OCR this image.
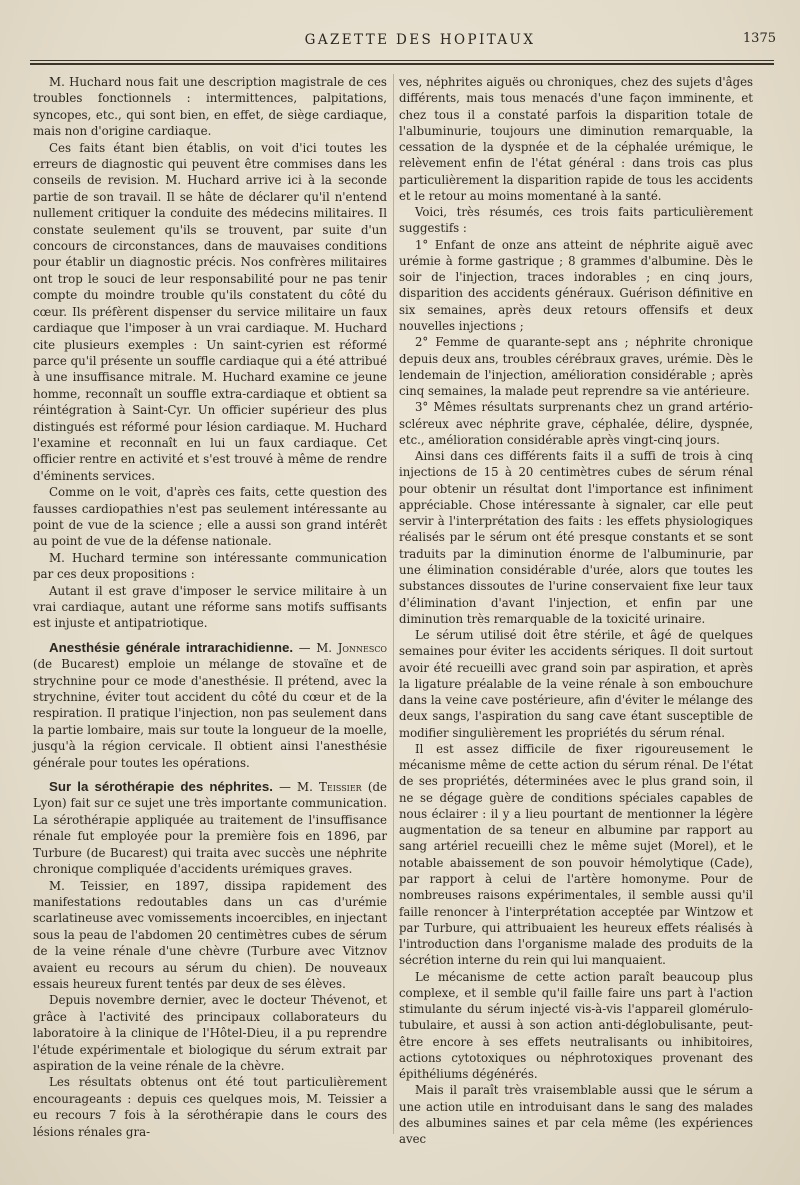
GAZETTE DES HOPITAUX	1375

M. Huchard nous fait une description magistrale de ces troubles fonctionnels : intermittences, palpitations, syncopes, etc., qui sont bien, en effet, de siège cardiaque, mais non d'origine cardiaque.

Ces faits étant bien établis, on voit d'ici toutes les erreurs de diagnostic qui peuvent être commises dans les conseils de revision. M. Huchard arrive ici à la seconde partie de son travail. Il se hâte de déclarer qu'il n'entend nullement critiquer la conduite des médecins militaires. Il constate seulement qu'ils se trouvent, par suite d'un concours de circonstances, dans de mauvaises conditions pour établir un diagnostic précis. Nos confrères militaires ont trop le souci de leur responsabilité pour ne pas tenir compte du moindre trouble qu'ils constatent du côté du cœur. Ils préfèrent dispenser du service militaire un faux cardiaque que l'imposer à un vrai cardiaque. M. Huchard cite plusieurs exemples : Un saint-cyrien est réformé parce qu'il présente un souffle cardiaque qui a été attribué à une insuffisance mitrale. M. Huchard examine ce jeune homme, reconnaît un souffle extra-cardiaque et obtient sa réintégration à Saint-Cyr. Un officier supérieur des plus distingués est réformé pour lésion cardiaque. M. Huchard l'examine et reconnaît en lui un faux cardiaque. Cet officier rentre en activité et s'est trouvé à même de rendre d'éminents services.

Comme on le voit, d'après ces faits, cette question des fausses cardiopathies n'est pas seulement intéressante au point de vue de la science ; elle a aussi son grand intérêt au point de vue de la défense nationale.

M. Huchard termine son intéressante communication par ces deux propositions :

Autant il est grave d'imposer le service militaire à un vrai cardiaque, autant une réforme sans motifs suffisants est injuste et antipatriotique.

Anesthésie générale intrarachidienne. — M. Jonnesco (de Bucarest) emploie un mélange de stovaïne et de strychnine pour ce mode d'anesthésie. Il prétend, avec la strychnine, éviter tout accident du côté du cœur et de la respiration. Il pratique l'injection, non pas seulement dans la partie lombaire, mais sur toute la longueur de la moelle, jusqu'à la région cervicale. Il obtient ainsi l'anesthésie générale pour toutes les opérations.

Sur la sérothérapie des néphrites. — M. Teissier (de Lyon) fait sur ce sujet une très importante communication. La sérothérapie appliquée au traitement de l'insuffisance rénale fut employée pour la première fois en 1896, par Turbure (de Bucarest) qui traita avec succès une néphrite chronique compliquée d'accidents urémiques graves.

M. Teissier, en 1897, dissipa rapidement des manifestations redoutables dans un cas d'urémie scarlatineuse avec vomissements incoercibles, en injectant sous la peau de l'abdomen 20 centimètres cubes de sérum de la veine rénale d'une chèvre (Turbure avec Vitznov avaient eu recours au sérum du chien). De nouveaux essais heureux furent tentés par deux de ses élèves.

Depuis novembre dernier, avec le docteur Thévenot, et grâce à l'activité des principaux collaborateurs du laboratoire à la clinique de l'Hôtel-Dieu, il a pu reprendre l'étude expérimentale et biologique du sérum extrait par aspiration de la veine rénale de la chèvre.

Les résultats obtenus ont été tout particulièrement encourageants : depuis ces quelques mois, M. Teissier a eu recours 7 fois à la sérothérapie dans le cours des lésions rénales gra-

ves, néphrites aiguës ou chroniques, chez des sujets d'âges différents, mais tous menacés d'une façon imminente, et chez tous il a constaté parfois la disparition totale de l'albuminurie, toujours une diminution remarquable, la cessation de la dyspnée et de la céphalée urémique, le relèvement enfin de l'état général : dans trois cas plus particulièrement la disparition rapide de tous les accidents et le retour au moins momentané à la santé.

Voici, très résumés, ces trois faits particulièrement suggestifs :

1° Enfant de onze ans atteint de néphrite aiguë avec urémie à forme gastrique ; 8 grammes d'albumine. Dès le soir de l'injection, traces indorables ; en cinq jours, disparition des accidents généraux. Guérison définitive en six semaines, après deux retours offensifs et deux nouvelles injections ;

2° Femme de quarante-sept ans ; néphrite chronique depuis deux ans, troubles cérébraux graves, urémie. Dès le lendemain de l'injection, amélioration considérable ; après cinq semaines, la malade peut reprendre sa vie antérieure.

3° Mêmes résultats surprenants chez un grand artério-scléreux avec néphrite grave, céphalée, délire, dyspnée, etc., amélioration considérable après vingt-cinq jours.

Ainsi dans ces différents faits il a suffi de trois à cinq injections de 15 à 20 centimètres cubes de sérum rénal pour obtenir un résultat dont l'importance est infiniment appréciable. Chose intéressante à signaler, car elle peut servir à l'interprétation des faits : les effets physiologiques réalisés par le sérum ont été presque constants et se sont traduits par la diminution énorme de l'albuminurie, par une élimination considérable d'urée, alors que toutes les substances dissoutes de l'urine conservaient fixe leur taux d'élimination d'avant l'injection, et enfin par une diminution très remarquable de la toxicité urinaire.

Le sérum utilisé doit être stérile, et âgé de quelques semaines pour éviter les accidents sériques. Il doit surtout avoir été recueilli avec grand soin par aspiration, et après la ligature préalable de la veine rénale à son embouchure dans la veine cave postérieure, afin d'éviter le mélange des deux sangs, l'aspiration du sang cave étant susceptible de modifier singulièrement les propriétés du sérum rénal.

Il est assez difficile de fixer rigoureusement le mécanisme même de cette action du sérum rénal. De l'état de ses propriétés, déterminées avec le plus grand soin, il ne se dégage guère de conditions spéciales capables de nous éclairer : il y a lieu pourtant de mentionner la légère augmentation de sa teneur en albumine par rapport au sang artériel recueilli chez le même sujet (Morel), et le notable abaissement de son pouvoir hémolytique (Cade), par rapport à celui de l'artère homonyme. Pour de nombreuses raisons expérimentales, il semble aussi qu'il faille renoncer à l'interprétation acceptée par Wintzow et par Turbure, qui attribuaient les heureux effets réalisés à l'introduction dans l'organisme malade des produits de la sécrétion interne du rein qui lui manquaient.

Le mécanisme de cette action paraît beaucoup plus complexe, et il semble qu'il faille faire uns part à l'action stimulante du sérum injecté vis-à-vis l'appareil glomérulo-tubulaire, et aussi à son action anti-déglobulisante, peut-être encore à ses effets neutralisants ou inhibitoires, actions cytotoxiques ou néphrotoxiques provenant des épithéliums dégénérés.

Mais il paraît très vraisemblable aussi que le sérum a une action utile en introduisant dans le sang des malades des albumines saines et par cela même (les expériences avec
